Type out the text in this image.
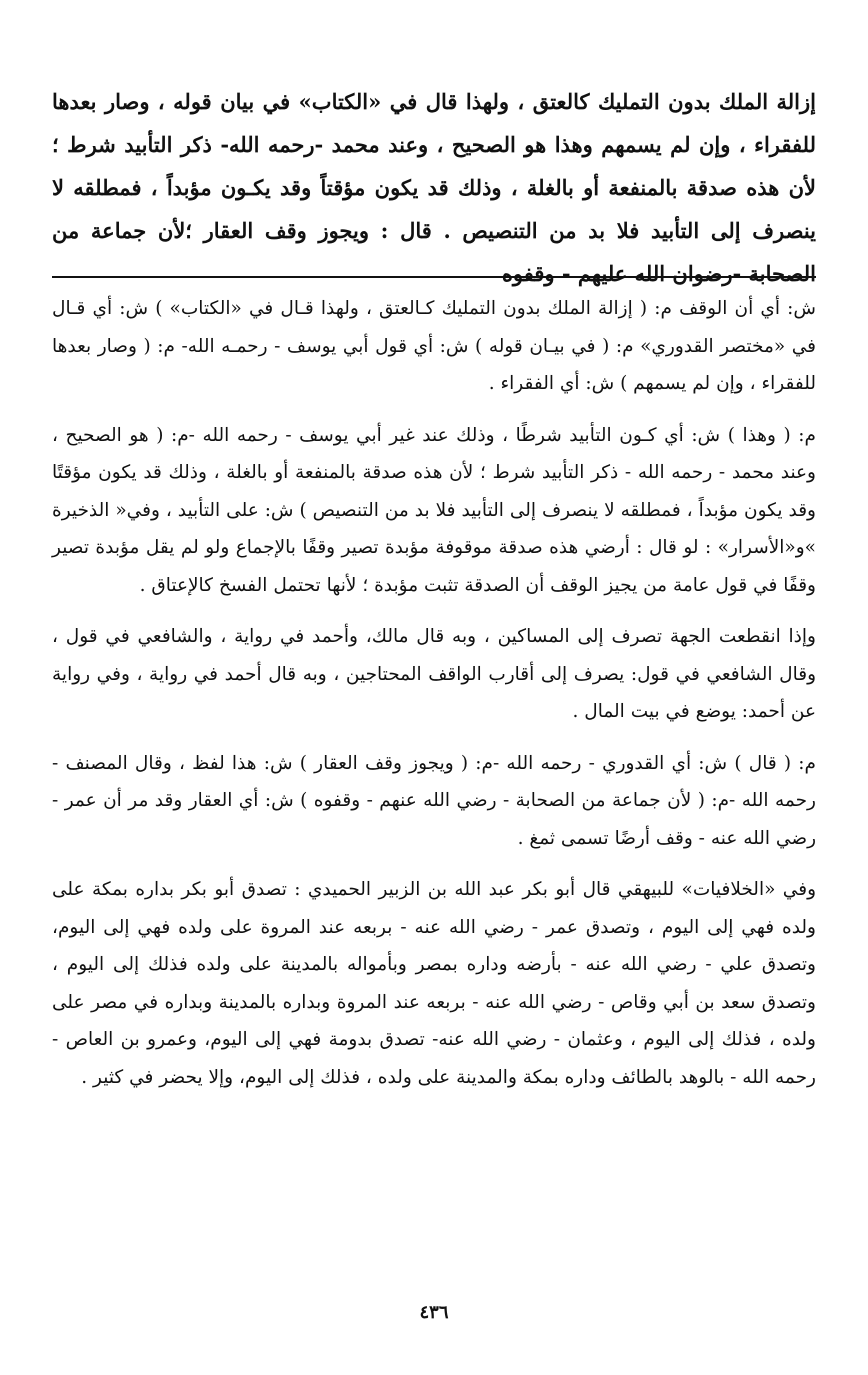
إزالة الملك بدون التمليك كالعتق ، ولهذا قال في «الكتاب» في بيان قوله ، وصار بعدها للفقراء ، وإن لم يسمهم وهذا هو الصحيح ، وعند محمد -رحمه الله- ذكر التأبيد شرط ؛ لأن هذه صدقة بالمنفعة أو بالغلة ، وذلك قد يكون مؤقتاً وقد يكـون مؤبداً ، فمطلقه لا ينصرف إلى التأبيد فلا بد من التنصيص . قال : ويجوز وقف العقار ؛لأن جماعة من الصحابة -رضوان الله عليهم - وقفوه

ش: أي أن الوقف م: ( إزالة الملك بدون التمليك كـالعتق ، ولهذا قـال في «الكتاب» ) ش: أي قـال في «مختصر القدوري» م: ( في بيـان قوله ) ش: أي قول أبي يوسف - رحمـه الله- م: ( وصار بعدها للفقراء ، وإن لم يسمهم ) ش: أي الفقراء .

م: ( وهذا ) ش: أي كـون التأبيد شرطًا ، وذلك عند غير أبي يوسف - رحمه الله -م: ( هو الصحيح ، وعند محمد - رحمه الله - ذكر التأبيد شرط ؛ لأن هذه صدقة بالمنفعة أو بالغلة ، وذلك قد يكون مؤقتًا وقد يكون مؤبداً ، فمطلقه لا ينصرف إلى التأبيد فلا بد من التنصيص ) ش: على التأبيد ، وفي« الذخيرة »و«الأسرار» : لو قال : أرضي هذه صدقة موقوفة مؤبدة تصير وقفًا بالإجماع ولو لم يقل مؤبدة تصير وقفًا في قول عامة من يجيز الوقف أن الصدقة تثبت مؤبدة ؛ لأنها تحتمل الفسخ كالإعتاق .

وإذا انقطعت الجهة تصرف إلى المساكين ، وبه قال مالك، وأحمد في رواية ، والشافعي في قول ، وقال الشافعي في قول: يصرف إلى أقارب الواقف المحتاجين ، وبه قال أحمد في رواية ، وفي رواية عن أحمد: يوضع في بيت المال .

م: ( قال ) ش: أي القدوري - رحمه الله -م: ( ويجوز وقف العقار ) ش: هذا لفظ ، وقال المصنف - رحمه الله -م: ( لأن جماعة من الصحابة - رضي الله عنهم - وقفوه ) ش: أي العقار وقد مر أن عمر - رضي الله عنه - وقف أرضًا تسمى ثمغ .

وفي «الخلافيات» للبيهقي قال أبو بكر عبد الله بن الزبير الحميدي : تصدق أبو بكر بداره بمكة على ولده فهي إلى اليوم ، وتصدق عمر - رضي الله عنه - بربعه عند المروة على ولده فهي إلى اليوم، وتصدق علي - رضي الله عنه - بأرضه وداره بمصر وبأمواله بالمدينة على ولده فذلك إلى اليوم ، وتصدق سعد بن أبي وقاص - رضي الله عنه - بربعه عند المروة وبداره بالمدينة وبداره في مصر على ولده ، فذلك إلى اليوم ، وعثمان - رضي الله عنه- تصدق بدومة فهي إلى اليوم، وعمرو بن العاص - رحمه الله - بالوهد بالطائف وداره بمكة والمدينة على ولده ، فذلك إلى اليوم، وإلا يحضر في كثير .

٤٣٦
